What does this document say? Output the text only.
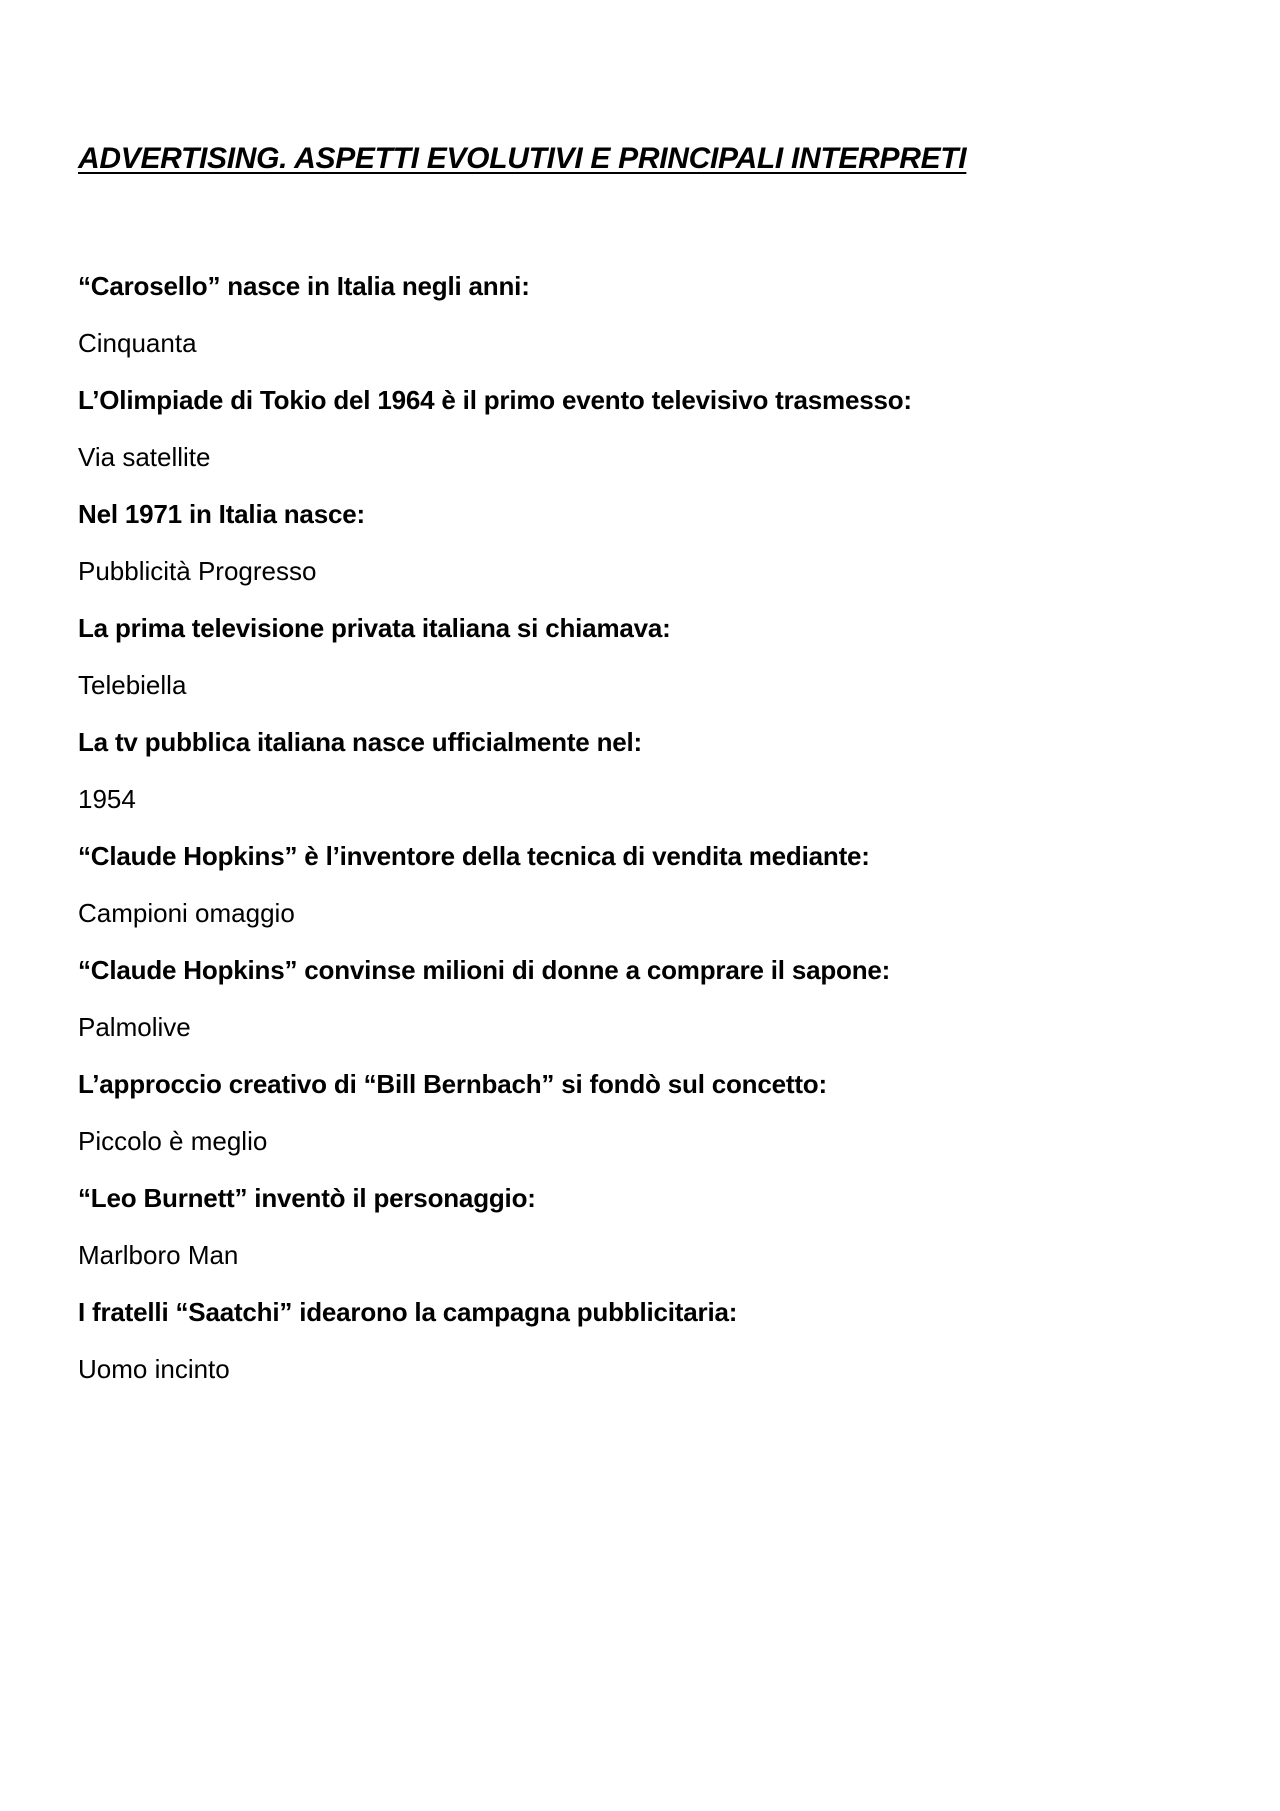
ADVERTISING. ASPETTI EVOLUTIVI E PRINCIPALI INTERPRETI
“Carosello” nasce in Italia negli anni:
Cinquanta
L’Olimpiade di Tokio del 1964 è il primo evento televisivo trasmesso:
Via satellite
Nel 1971 in Italia nasce:
Pubblicità Progresso
La prima televisione privata italiana si chiamava:
Telebiella
La tv pubblica italiana nasce ufficialmente nel:
1954
“Claude Hopkins” è l’inventore della tecnica di vendita mediante:
Campioni omaggio
“Claude Hopkins” convinse milioni di donne a comprare il sapone:
Palmolive
L’approccio creativo di “Bill Bernbach” si fondò sul concetto:
Piccolo è meglio
“Leo Burnett” inventò il personaggio:
Marlboro Man
I fratelli “Saatchi” idearono la campagna pubblicitaria:
Uomo incinto
